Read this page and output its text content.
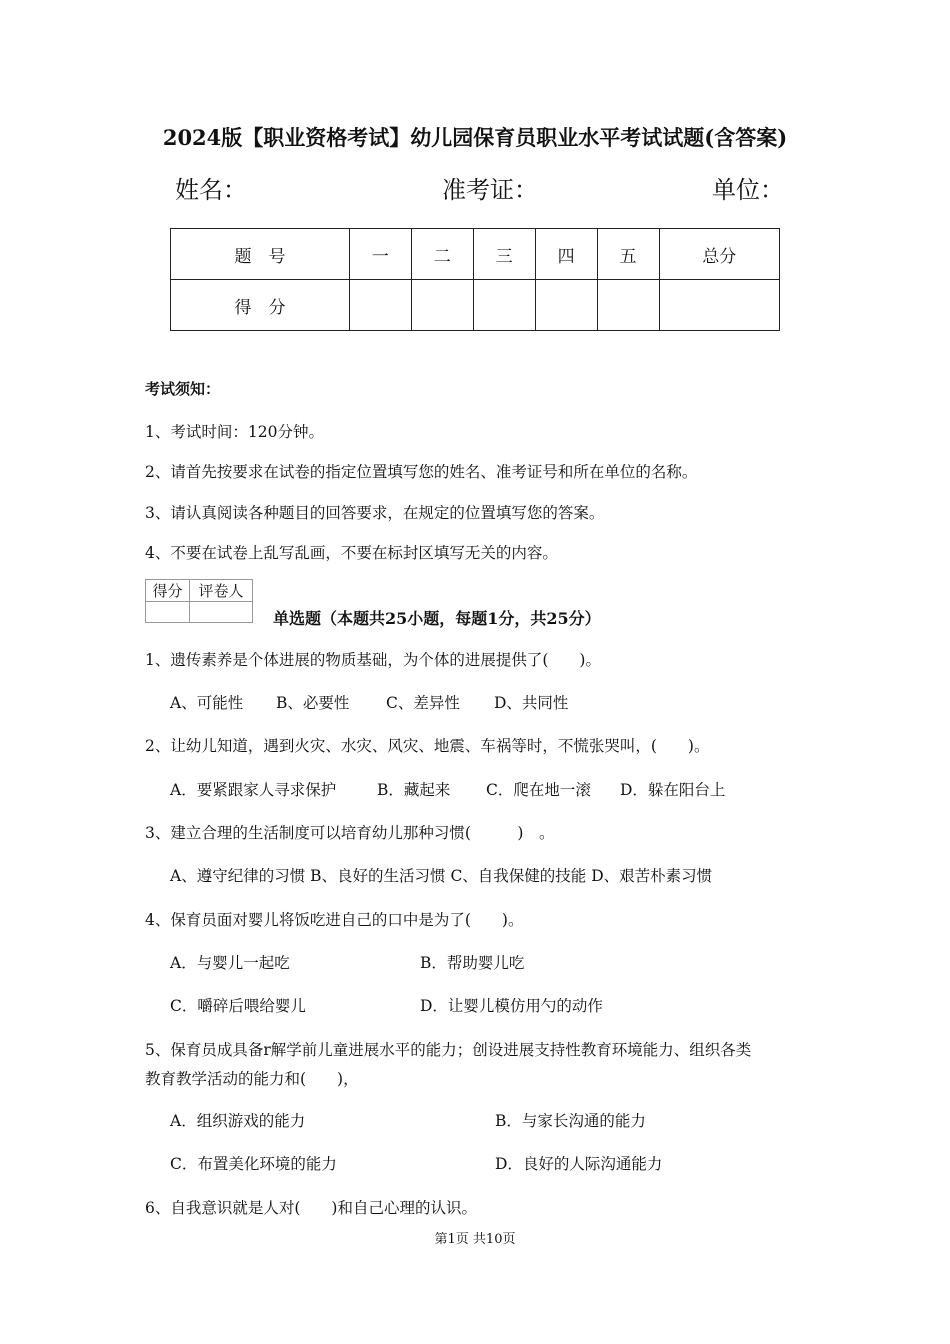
2024版【职业资格考试】幼儿园保育员职业水平考试试题(含答案)
姓名：	准考证：	单位：
题　号	一	二	三	四	五	总分
得　分						
考试须知：
1、考试时间：120分钟。
2、请首先按要求在试卷的指定位置填写您的姓名、准考证号和所在单位的名称。
3、请认真阅读各种题目的回答要求，在规定的位置填写您的答案。
4、不要在试卷上乱写乱画，不要在标封区填写无关的内容。
得分	评卷人

单选题（本题共25小题，每题1分，共25分）
1、遗传素养是个体进展的物质基础，为个体的进展提供了(　　)。
A、可能性 B、必要性 C、差异性 D、共同性
2、让幼儿知道，遇到火灾、水灾、风灾、地震、车祸等时，不慌张哭叫，(　　)。
A．要紧跟家人寻求保护	B．藏起来 C．爬在地一滚 D．躲在阳台上
3、建立合理的生活制度可以培育幼儿那种习惯(　　　)　。
A、遵守纪律的习惯 B、良好的生活习惯 C、自我保健的技能 D、艰苦朴素习惯
4、保育员面对婴儿将饭吃进自己的口中是为了(　　)。
A．与婴儿一起吃	B．帮助婴儿吃
C．嚼碎后喂给婴儿	D．让婴儿模仿用勺的动作
5、保育员成具备r解学前儿童进展水平的能力；创设进展支持性教育环境能力、组织各类
教育教学活动的能力和(　　)，
A．组织游戏的能力	B．与家长沟通的能力
C．布置美化环境的能力	D．良好的人际沟通能力
6、自我意识就是人对(　　)和自己心理的认识。
第1页 共10页
